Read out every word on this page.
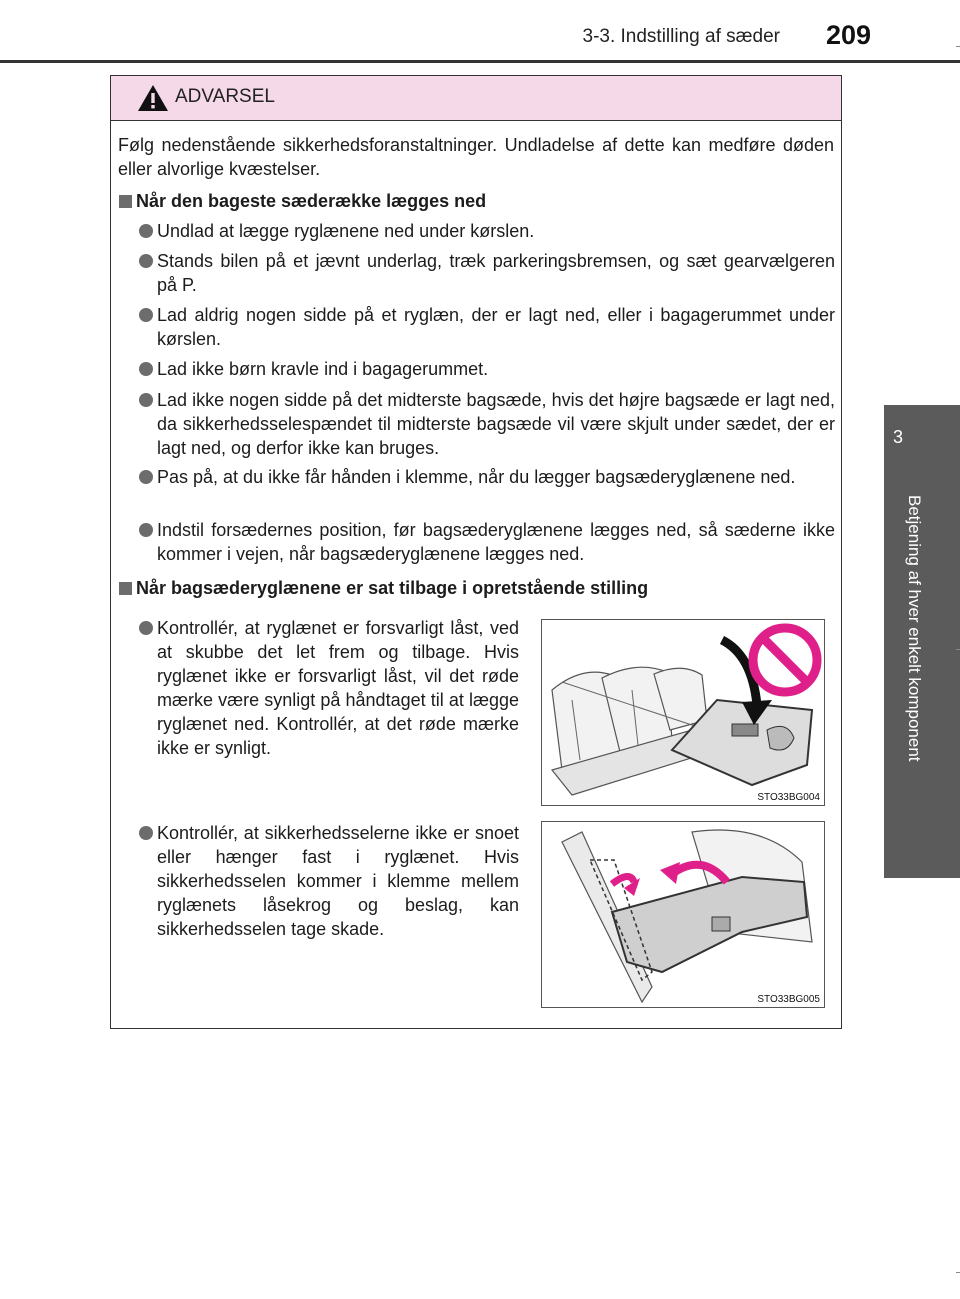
3-3. Indstilling af sæder 209
3
Betjening af hver enkelt komponent
ADVARSEL
Følg nedenstående sikkerhedsforanstaltninger. Undladelse af dette kan medføre døden eller alvorlige kvæstelser.
Når den bageste sæderække lægges ned
Undlad at lægge ryglænene ned under kørslen.
Stands bilen på et jævnt underlag, træk parkeringsbremsen, og sæt gearvælgeren på P.
Lad aldrig nogen sidde på et ryglæn, der er lagt ned, eller i bagagerummet under kørslen.
Lad ikke børn kravle ind i bagagerummet.
Lad ikke nogen sidde på det midterste bagsæde, hvis det højre bagsæde er lagt ned, da sikkerhedsselespændet til midterste bagsæde vil være skjult under sædet, der er lagt ned, og derfor ikke kan bruges.
Pas på, at du ikke får hånden i klemme, når du lægger bagsæderyglænene ned.
Indstil forsædernes position, før bagsæderyglænene lægges ned, så sæderne ikke kommer i vejen, når bagsæderyglænene lægges ned.
Når bagsæderyglænene er sat tilbage i opretstående stilling
Kontrollér, at ryglænet er forsvarligt låst, ved at skubbe det let frem og tilbage. Hvis ryglænet ikke er forsvarligt låst, vil det røde mærke være synligt på håndtaget til at lægge ryglænet ned. Kontrollér, at det røde mærke ikke er synligt.
Kontrollér, at sikkerhedsselerne ikke er snoet eller hænger fast i ryglænet. Hvis sikkerhedsselen kommer i klemme mellem ryglænets låsekrog og beslag, kan sikkerhedsselen tage skade.
STO33BG004
STO33BG005
